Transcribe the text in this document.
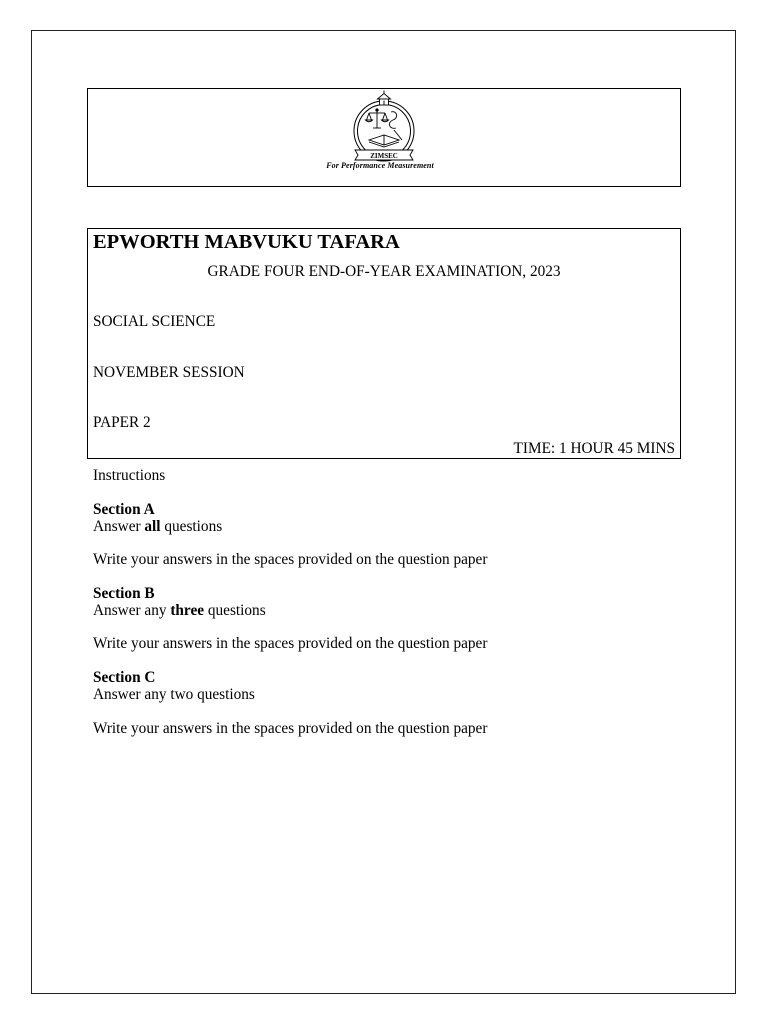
ZIMSEC
For Performance Measurement
EPWORTH MABVUKU TAFARA
GRADE FOUR END-OF-YEAR EXAMINATION, 2023
SOCIAL SCIENCE
NOVEMBER SESSION
PAPER 2
TIME: 1 HOUR 45 MINS

Instructions

Section A

Answer all questions

Write your answers in the spaces provided on the question paper

Section B

Answer any three questions

Write your answers in the spaces provided on the question paper

Section C

Answer any two questions

Write your answers in the spaces provided on the question paper
